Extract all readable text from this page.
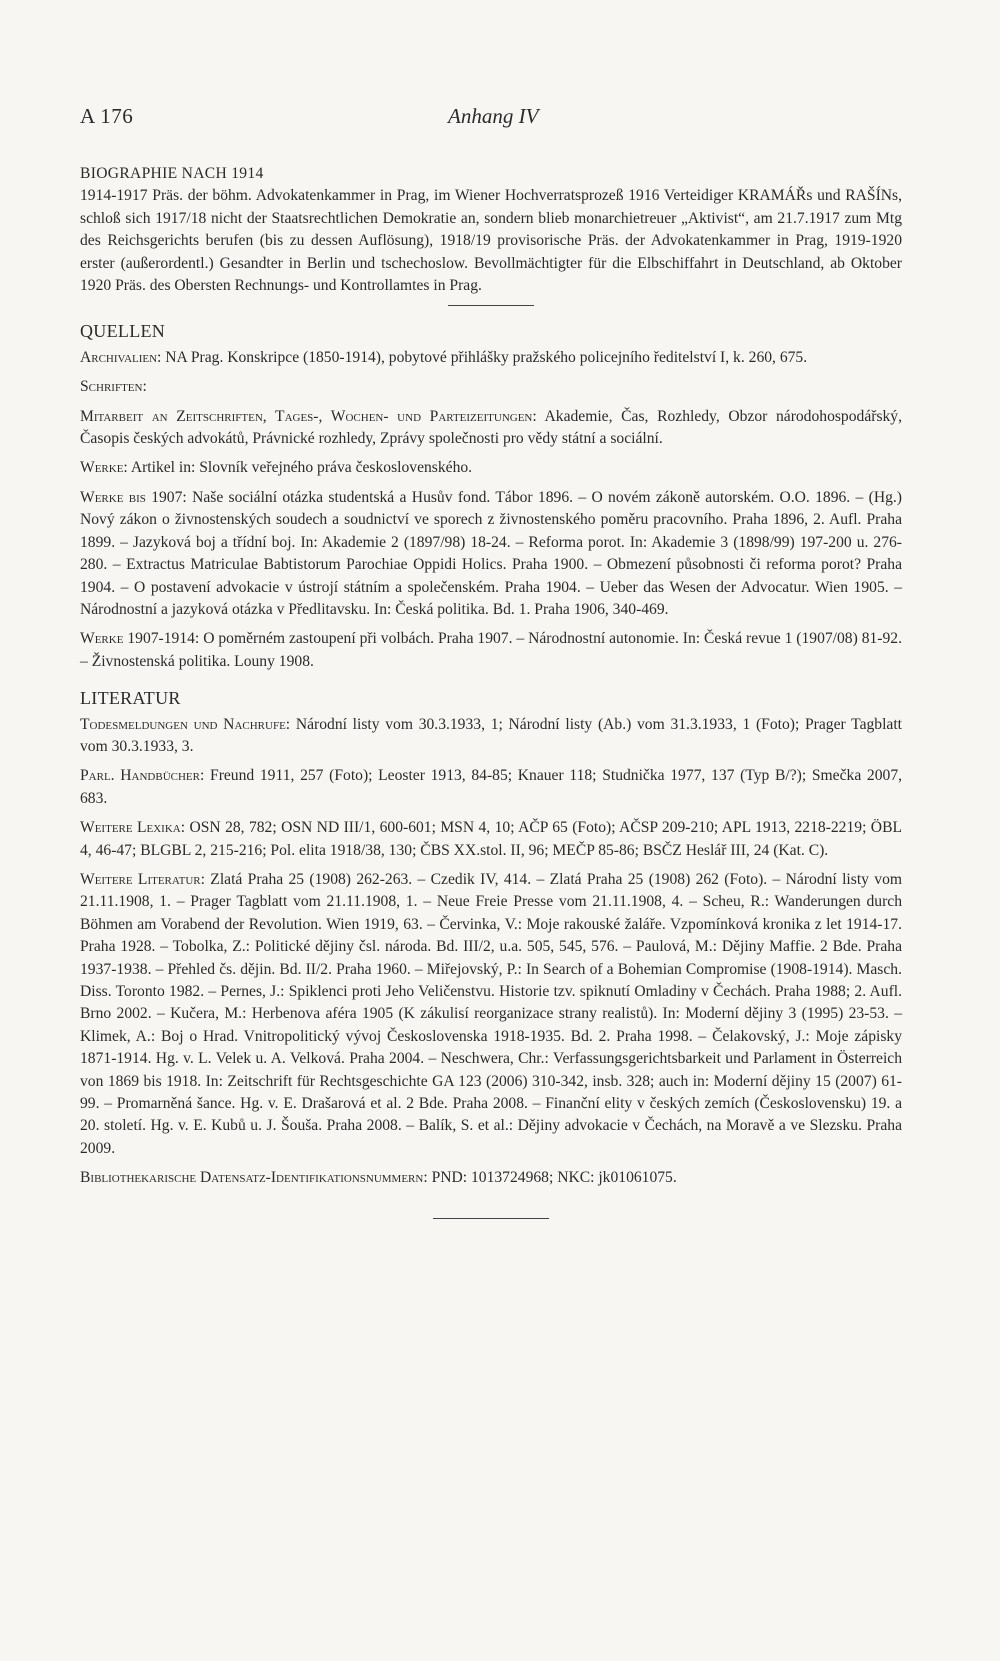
A 176	Anhang IV
BIOGRAPHIE NACH 1914

1914-1917 Präs. der böhm. Advokatenkammer in Prag, im Wiener Hochverratsprozeß 1916 Verteidiger KRAMÁŘs und RAŠÍNs, schloß sich 1917/18 nicht der Staatsrechtlichen Demokratie an, sondern blieb monarchietreuer „Aktivist“, am 21.7.1917 zum Mtg des Reichsgerichts berufen (bis zu dessen Auflösung), 1918/19 provisorische Präs. der Advokatenkammer in Prag, 1919-1920 erster (außerordentl.) Gesandter in Berlin und tschechoslow. Bevollmächtigter für die Elbschiffahrt in Deutschland, ab Oktober 1920 Präs. des Obersten Rechnungs- und Kontrollamtes in Prag.

QUELLEN

Archivalien: NA Prag. Konskripce (1850-1914), pobytové přihlášky pražského policejního ředitelství I, k. 260, 675.

Schriften:

Mitarbeit an Zeitschriften, Tages-, Wochen- und Parteizeitungen: Akademie, Čas, Rozhledy, Obzor národohospodářský, Časopis českých advokátů, Právnické rozhledy, Zprávy společnosti pro vědy státní a sociální.

Werke: Artikel in: Slovník veřejného práva československého.

Werke bis 1907: Naše sociální otázka studentská a Husův fond. Tábor 1896. – O novém zákoně autorském. O.O. 1896. – (Hg.) Nový zákon o živnostenských soudech a soudnictví ve sporech z živnostenského poměru pracovního. Praha 1896, 2. Aufl. Praha 1899. – Jazyková boj a třídní boj. In: Akademie 2 (1897/98) 18-24. – Reforma porot. In: Akademie 3 (1898/99) 197-200 u. 276-280. – Extractus Matriculae Babtistorum Parochiae Oppidi Holics. Praha 1900. – Obmezení působnosti či reforma porot? Praha 1904. – O postavení advokacie v ústrojí státním a společenském. Praha 1904. – Ueber das Wesen der Advocatur. Wien 1905. – Národnostní a jazyková otázka v Předlitavsku. In: Česká politika. Bd. 1. Praha 1906, 340-469.

Werke 1907-1914: O poměrném zastoupení při volbách. Praha 1907. – Národnostní autonomie. In: Česká revue 1 (1907/08) 81-92. – Živnostenská politika. Louny 1908.

LITERATUR

Todesmeldungen und Nachrufe: Národní listy vom 30.3.1933, 1; Národní listy (Ab.) vom 31.3.1933, 1 (Foto); Prager Tagblatt vom 30.3.1933, 3.

Parl. Handbücher: Freund 1911, 257 (Foto); Leoster 1913, 84-85; Knauer 118; Studnička 1977, 137 (Typ B/?); Smečka 2007, 683.

Weitere Lexika: OSN 28, 782; OSN ND III/1, 600-601; MSN 4, 10; AČP 65 (Foto); AČSP 209-210; APL 1913, 2218-2219; ÖBL 4, 46-47; BLGBL 2, 215-216; Pol. elita 1918/38, 130; ČBS XX.stol. II, 96; MEČP 85-86; BSČZ Heslář III, 24 (Kat. C).

Weitere Literatur: Zlatá Praha 25 (1908) 262-263. – Czedik IV, 414. – Zlatá Praha 25 (1908) 262 (Foto). – Národní listy vom 21.11.1908, 1. – Prager Tagblatt vom 21.11.1908, 1. – Neue Freie Presse vom 21.11.1908, 4. – Scheu, R.: Wanderungen durch Böhmen am Vorabend der Revolution. Wien 1919, 63. – Červinka, V.: Moje rakouské žaláře. Vzpomínková kronika z let 1914-17. Praha 1928. – Tobolka, Z.: Politické dějiny čsl. národa. Bd. III/2, u.a. 505, 545, 576. – Paulová, M.: Dějiny Maffie. 2 Bde. Praha 1937-1938. – Přehled čs. dějin. Bd. II/2. Praha 1960. – Miřejovský, P.: In Search of a Bohemian Compromise (1908-1914). Masch. Diss. Toronto 1982. – Pernes, J.: Spiklenci proti Jeho Veličenstvu. Historie tzv. spiknutí Omladiny v Čechách. Praha 1988; 2. Aufl. Brno 2002. – Kučera, M.: Herbenova aféra 1905 (K zákulisí reorganizace strany realistů). In: Moderní dějiny 3 (1995) 23-53. – Klimek, A.: Boj o Hrad. Vnitropolitický vývoj Československa 1918-1935. Bd. 2. Praha 1998. – Čelakovský, J.: Moje zápisky 1871-1914. Hg. v. L. Velek u. A. Velková. Praha 2004. – Neschwera, Chr.: Verfassungsgerichtsbarkeit und Parlament in Österreich von 1869 bis 1918. In: Zeitschrift für Rechtsgeschichte GA 123 (2006) 310-342, insb. 328; auch in: Moderní dějiny 15 (2007) 61-99. – Promarněná šance. Hg. v. E. Drašarová et al. 2 Bde. Praha 2008. – Finanční elity v českých zemích (Československu) 19. a 20. století. Hg. v. E. Kubů u. J. Šouša. Praha 2008. – Balík, S. et al.: Dějiny advokacie v Čechách, na Moravě a ve Slezsku. Praha 2009.

Bibliothekarische Datensatz-Identifikationsnummern: PND: 1013724968; NKC: jk01061075.
